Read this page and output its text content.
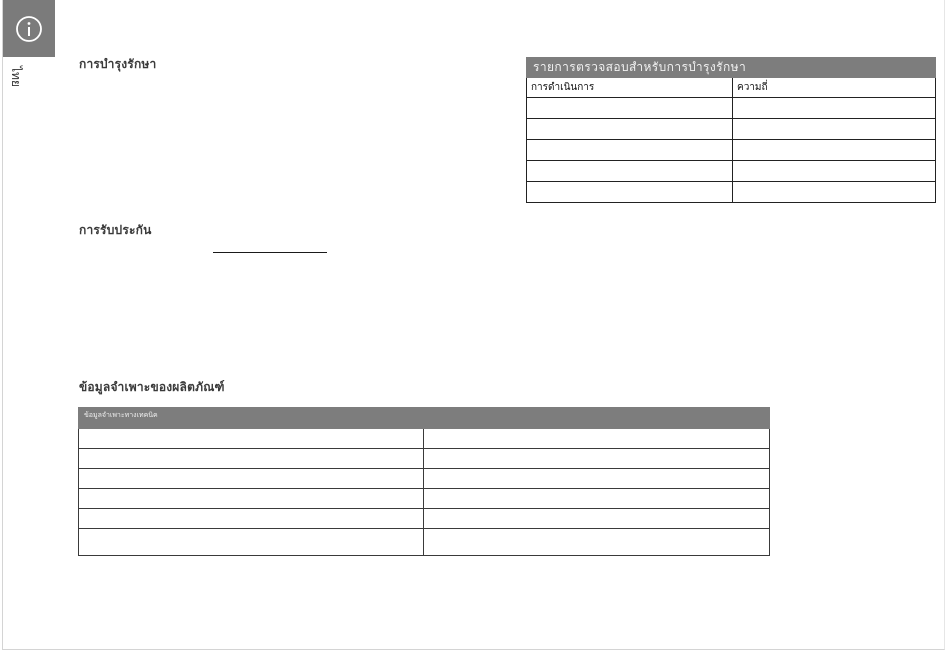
ไทย
การบำรุงรักษา
การรับประกัน
ข้อมูลจำเพาะของผลิตภัณฑ์
รายการตรวจสอบสำหรับการบำรุงรักษา	
การดำเนินการ	ความถี่

ข้อมูลจำเพาะทางเทคนิค	
